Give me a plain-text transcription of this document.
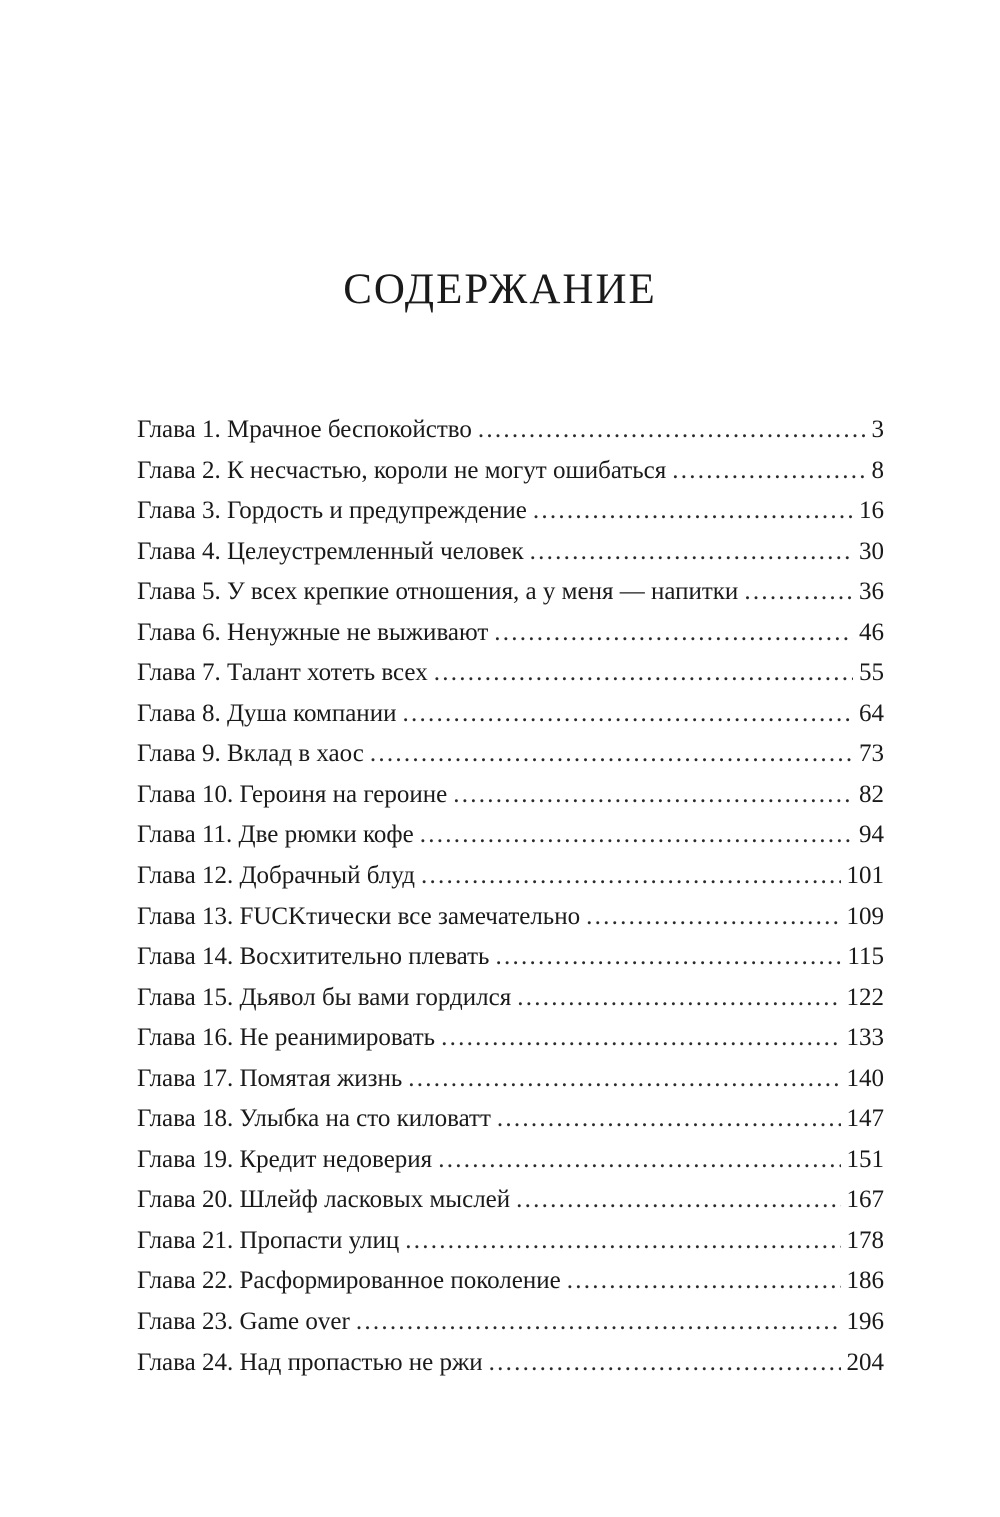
СОДЕРЖАНИЕ
Глава 1. Мрачное беспокойство . . .	3
Глава 2. К несчастью, короли не могут ошибаться . . .	8
Глава 3. Гордость и предупреждение . . .	16
Глава 4. Целеустремленный человек . . .	30
Глава 5. У всех крепкие отношения, а у меня — напитки . . .	36
Глава 6. Ненужные не выживают . . .	46
Глава 7. Талант хотеть всех . . .	55
Глава 8. Душа компании . . .	64
Глава 9. Вклад в хаос . . .	73
Глава 10. Героиня на героине . . .	82
Глава 11. Две рюмки кофе . . .	94
Глава 12. Добрачный блуд . . .	101
Глава 13. FUCKтически все замечательно . . .	109
Глава 14. Восхитительно плевать . . .	115
Глава 15. Дьявол бы вами гордился . . .	122
Глава 16. Не реанимировать . . .	133
Глава 17. Помятая жизнь . . .	140
Глава 18. Улыбка на сто киловатт . . .	147
Глава 19. Кредит недоверия . . .	151
Глава 20. Шлейф ласковых мыслей . . .	167
Глава 21. Пропасти улиц . . .	178
Глава 22. Расформированное поколение . . .	186
Глава 23. Game over . . .	196
Глава 24. Над пропастью не ржи . . .	204
